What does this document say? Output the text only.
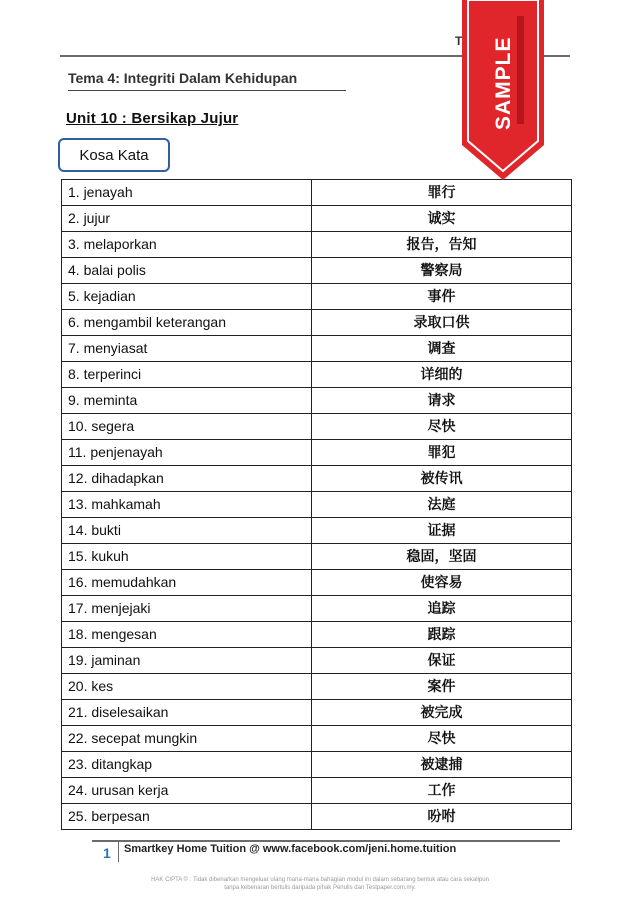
T
Tema 4: Integriti Dalam Kehidupan
Unit 10 : Bersikap Jujur
Kosa Kata
1. jenayah	罪行
2. jujur	诚实
3. melaporkan	报告，告知
4. balai polis	警察局
5. kejadian	事件
6. mengambil keterangan	录取口供
7. menyiasat	调查
8. terperinci	详细的
9. meminta	请求
10. segera	尽快
11. penjenayah	罪犯
12. dihadapkan	被传讯
13. mahkamah	法庭
14. bukti	证据
15. kukuh	稳固，坚固
16. memudahkan	使容易
17. menjejaki	追踪
18. mengesan	跟踪
19. jaminan	保证
20. kes	案件
21. diselesaikan	被完成
22. secepat mungkin	尽快
23. ditangkap	被逮捕
24. urusan kerja	工作
25. berpesan	吩咐
1 Smartkey Home Tuition @ www.facebook.com/jeni.home.tuition
HAK CIPTA © : Tidak dibenarkan mengeluar ulang mana-mana bahagian modul ini dalam sebarang bentuk atau cara sekalipun tanpa kebenaran bertulis daripada pihak Penulis dan Testpaper.com.my.
SAMPLE
